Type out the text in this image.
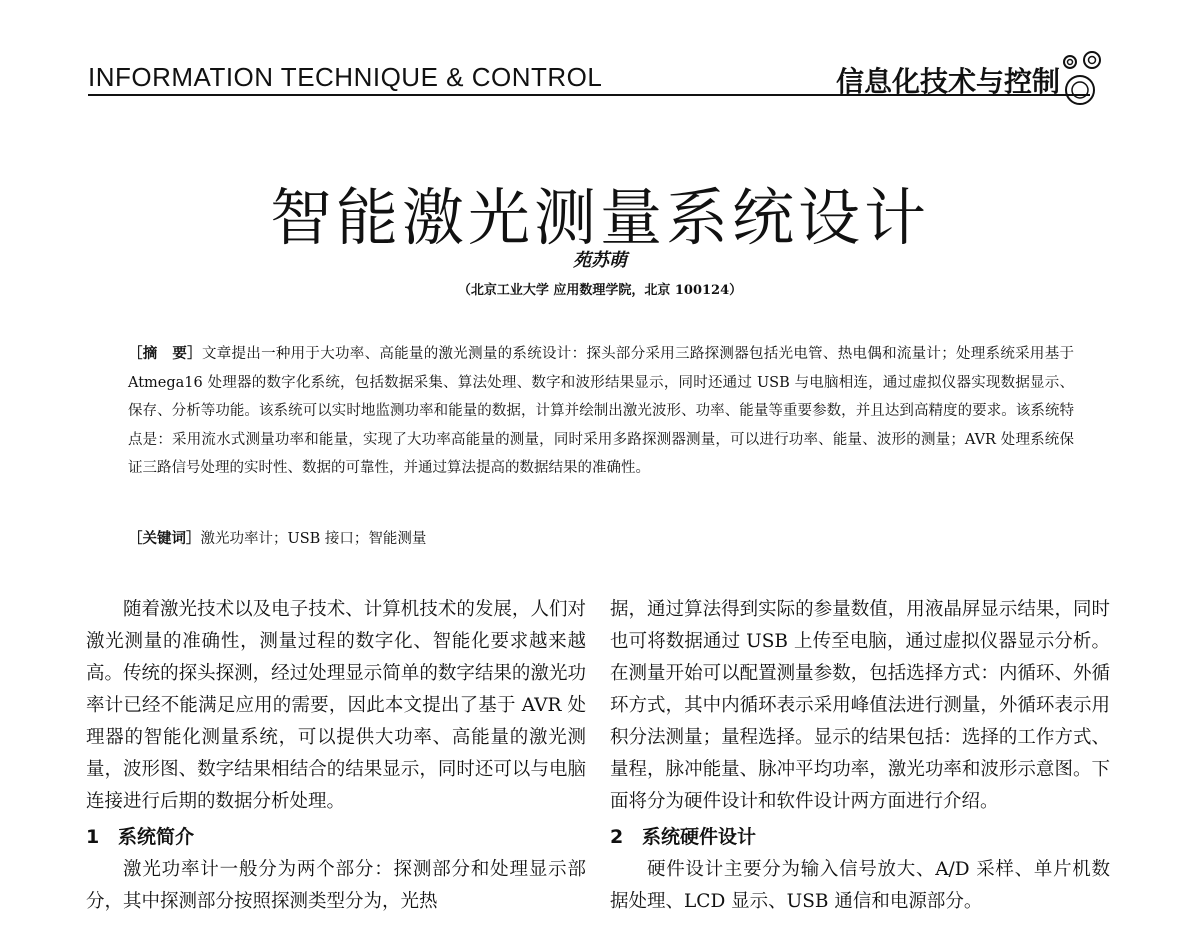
INFORMATION TECHNIQUE & CONTROL	信息化技术与控制
智能激光测量系统设计
苑苏萌
（北京工业大学 应用数理学院，北京 100124）
［摘　要］文章提出一种用于大功率、高能量的激光测量的系统设计：探头部分采用三路探测器包括光电管、热电偶和流量计；处理系统采用基于 Atmega16 处理器的数字化系统，包括数据采集、算法处理、数字和波形结果显示，同时还通过 USB 与电脑相连，通过虚拟仪器实现数据显示、保存、分析等功能。该系统可以实时地监测功率和能量的数据，计算并绘制出激光波形、功率、能量等重要参数，并且达到高精度的要求。该系统特点是：采用流水式测量功率和能量，实现了大功率高能量的测量，同时采用多路探测器测量，可以进行功率、能量、波形的测量；AVR 处理系统保证三路信号处理的实时性、数据的可靠性，并通过算法提高的数据结果的准确性。
［关键词］激光功率计；USB 接口；智能测量

随着激光技术以及电子技术、计算机技术的发展，人们对激光测量的准确性，测量过程的数字化、智能化要求越来越高。传统的探头探测，经过处理显示简单的数字结果的激光功率计已经不能满足应用的需要，因此本文提出了基于 AVR 处理器的智能化测量系统，可以提供大功率、高能量的激光测量，波形图、数字结果相结合的结果显示，同时还可以与电脑连接进行后期的数据分析处理。

1 系统简介

激光功率计一般分为两个部分：探测部分和处理显示部分，其中探测部分按照探测类型分为，光热

据，通过算法得到实际的参量数值，用液晶屏显示结果，同时也可将数据通过 USB 上传至电脑，通过虚拟仪器显示分析。在测量开始可以配置测量参数，包括选择方式：内循环、外循环方式，其中内循环表示采用峰值法进行测量，外循环表示用积分法测量；量程选择。显示的结果包括：选择的工作方式、量程，脉冲能量、脉冲平均功率，激光功率和波形示意图。下面将分为硬件设计和软件设计两方面进行介绍。

2 系统硬件设计

硬件设计主要分为输入信号放大、A/D 采样、单片机数据处理、LCD 显示、USB 通信和电源部分。
